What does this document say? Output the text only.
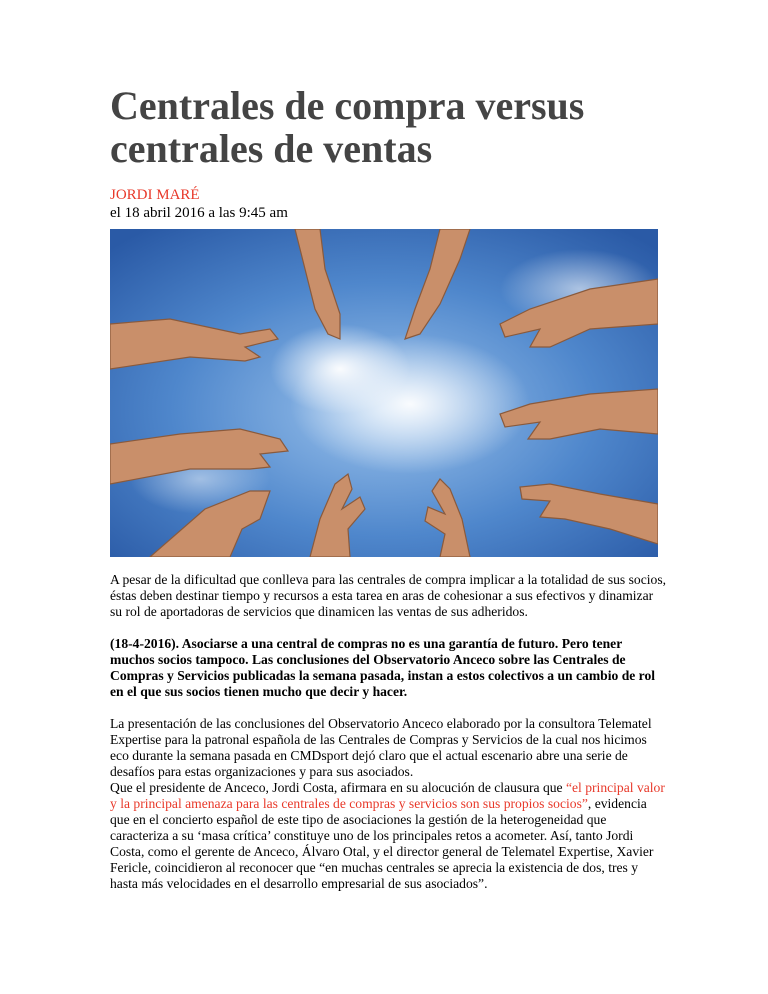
Centrales de compra versus centrales de ventas
JORDI MARÉ
el 18 abril 2016 a las 9:45 am

A pesar de la dificultad que conlleva para las centrales de compra implicar a la totalidad de sus socios, éstas deben destinar tiempo y recursos a esta tarea en aras de cohesionar a sus efectivos y dinamizar su rol de aportadoras de servicios que dinamicen las ventas de sus adheridos.

(18-4-2016). Asociarse a una central de compras no es una garantía de futuro. Pero tener muchos socios tampoco. Las conclusiones del Observatorio Anceco sobre las Centrales de Compras y Servicios publicadas la semana pasada, instan a estos colectivos a un cambio de rol en el que sus socios tienen mucho que decir y hacer.

La presentación de las conclusiones del Observatorio Anceco elaborado por la consultora Telematel Expertise para la patronal española de las Centrales de Compras y Servicios de la cual nos hicimos eco durante la semana pasada en CMDsport dejó claro que el actual escenario abre una serie de desafíos para estas organizaciones y para sus asociados.

Que el presidente de Anceco, Jordi Costa, afirmara en su alocución de clausura que “el principal valor y la principal amenaza para las centrales de compras y servicios son sus propios socios”, evidencia que en el concierto español de este tipo de asociaciones la gestión de la heterogeneidad que caracteriza a su ‘masa crítica’ constituye uno de los principales retos a acometer. Así, tanto Jordi Costa, como el gerente de Anceco, Álvaro Otal, y el director general de Telematel Expertise, Xavier Fericle, coincidieron al reconocer que “en muchas centrales se aprecia la existencia de dos, tres y hasta más velocidades en el desarrollo empresarial de sus asociados”.
